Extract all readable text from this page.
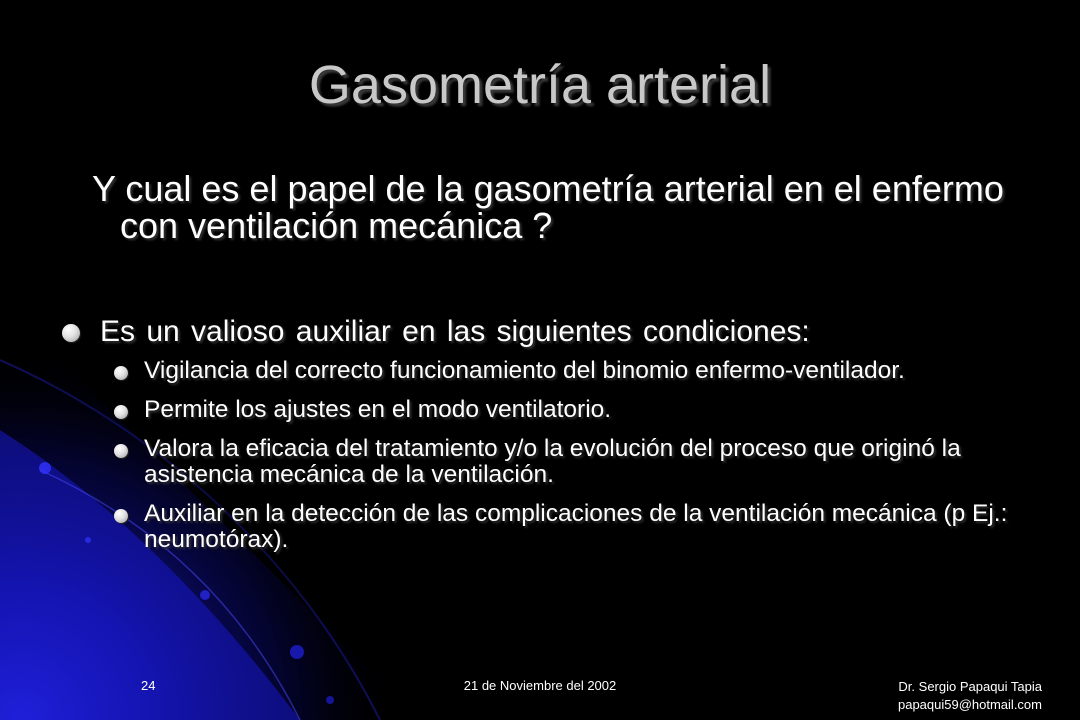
Gasometría arterial
Y cual es el papel de la gasometría arterial en el enfermo con ventilación mecánica ?
Es un valioso auxiliar en las siguientes condiciones:
Vigilancia del correcto funcionamiento del binomio enfermo-ventilador.
Permite los ajustes en el modo ventilatorio.
Valora la eficacia del tratamiento y/o la evolución del proceso que originó la asistencia mecánica de la ventilación.
Auxiliar en la detección de las complicaciones de la ventilación mecánica (p Ej.: neumotórax).
24	21 de Noviembre del 2002	Dr. Sergio Papaqui Tapia
papaqui59@hotmail.com
